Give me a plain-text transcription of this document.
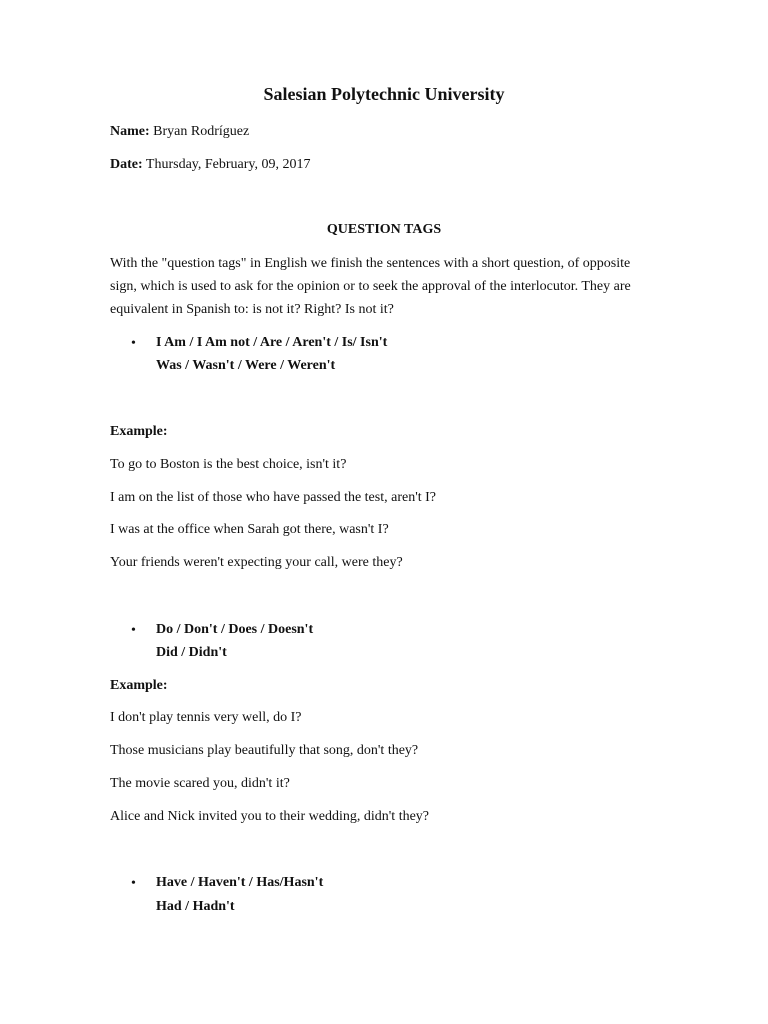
Salesian Polytechnic University
Name: Bryan Rodríguez
Date: Thursday, February, 09, 2017
QUESTION TAGS
With the "question tags" in English we finish the sentences with a short question, of opposite
sign, which is used to ask for the opinion or to seek the approval of the interlocutor. They are
equivalent in Spanish to: is not it? Right? Is not it?
• I Am / I Am not / Are / Aren't / Is/ Isn't
Was / Wasn't / Were / Weren't
Example:
To go to Boston is the best choice, isn't it?
I am on the list of those who have passed the test, aren't I?
I was at the office when Sarah got there, wasn't I?
Your friends weren't expecting your call, were they?
• Do / Don't / Does / Doesn't
Did / Didn't
Example:
I don't play tennis very well, do I?
Those musicians play beautifully that song, don't they?
The movie scared you, didn't it?
Alice and Nick invited you to their wedding, didn't they?
• Have / Haven't / Has/Hasn't
Had / Hadn't
